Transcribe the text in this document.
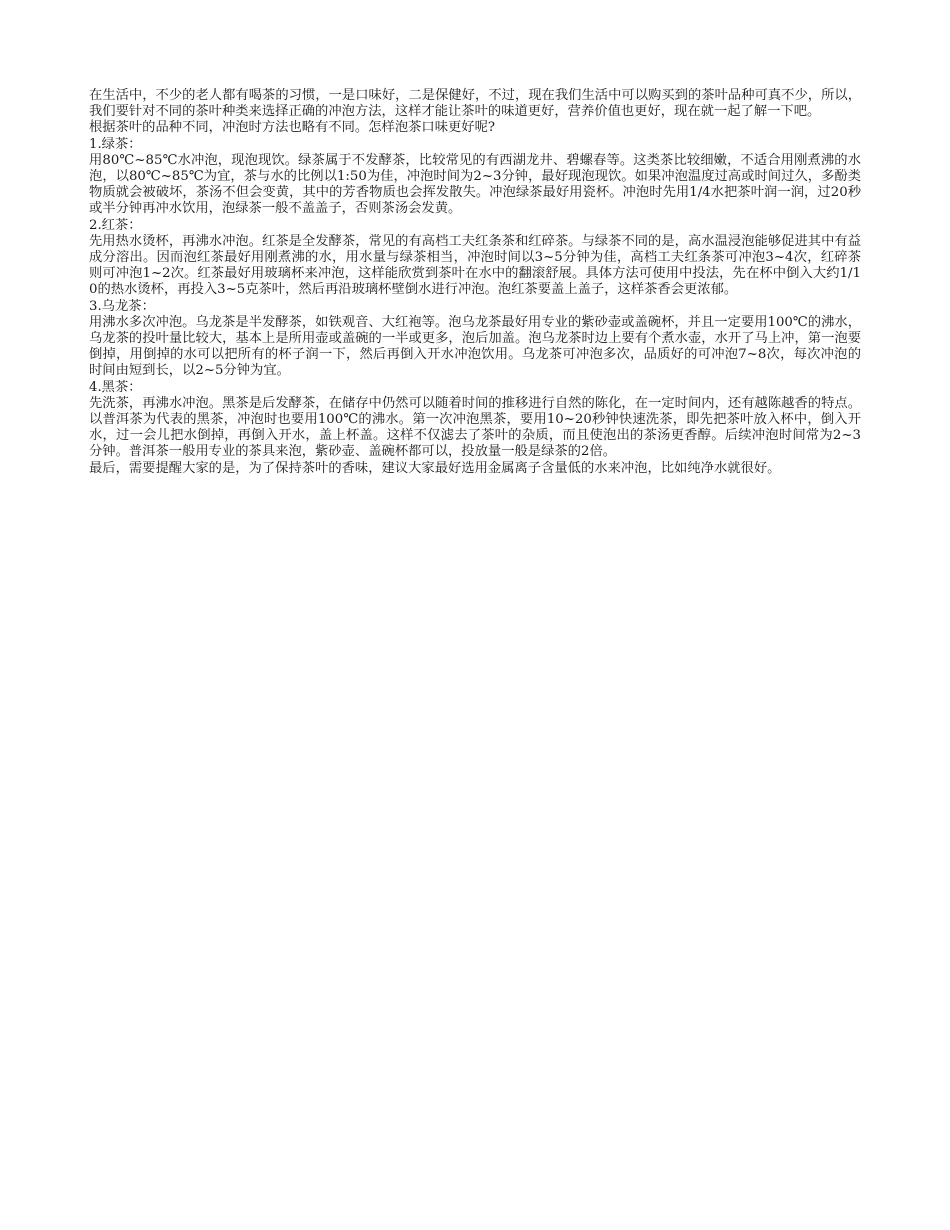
在生活中，不少的老人都有喝茶的习惯，一是口味好，二是保健好，不过，现在我们生活中可以购买到的茶叶品种可真不少，所以，我们要针对不同的茶叶种类来选择正确的冲泡方法，这样才能让茶叶的味道更好，营养价值也更好，现在就一起了解一下吧。

根据茶叶的品种不同，冲泡时方法也略有不同。怎样泡茶口味更好呢?

1.绿茶：

用80℃~85℃水冲泡，现泡现饮。绿茶属于不发酵茶，比较常见的有西湖龙井、碧螺春等。这类茶比较细嫩，不适合用刚煮沸的水泡，以80℃~85℃为宜，茶与水的比例以1:50为佳，冲泡时间为2~3分钟，最好现泡现饮。如果冲泡温度过高或时间过久，多酚类物质就会被破坏，茶汤不但会变黄，其中的芳香物质也会挥发散失。冲泡绿茶最好用瓷杯。冲泡时先用1/4水把茶叶润一润，过20秒或半分钟再冲水饮用，泡绿茶一般不盖盖子，否则茶汤会发黄。

2.红茶：

先用热水烫杯，再沸水冲泡。红茶是全发酵茶，常见的有高档工夫红条茶和红碎茶。与绿茶不同的是，高水温浸泡能够促进其中有益成分溶出。因而泡红茶最好用刚煮沸的水，用水量与绿茶相当，冲泡时间以3~5分钟为佳，高档工夫红条茶可冲泡3~4次，红碎茶则可冲泡1~2次。红茶最好用玻璃杯来冲泡，这样能欣赏到茶叶在水中的翻滚舒展。具体方法可使用中投法，先在杯中倒入大约1/10的热水烫杯，再投入3~5克茶叶，然后再沿玻璃杯壁倒水进行冲泡。泡红茶要盖上盖子，这样茶香会更浓郁。

3.乌龙茶：

用沸水多次冲泡。乌龙茶是半发酵茶，如铁观音、大红袍等。泡乌龙茶最好用专业的紫砂壶或盖碗杯，并且一定要用100℃的沸水，乌龙茶的投叶量比较大，基本上是所用壶或盖碗的一半或更多，泡后加盖。泡乌龙茶时边上要有个煮水壶，水开了马上冲，第一泡要倒掉，用倒掉的水可以把所有的杯子润一下，然后再倒入开水冲泡饮用。乌龙茶可冲泡多次，品质好的可冲泡7~8次，每次冲泡的时间由短到长，以2~5分钟为宜。

4.黑茶：

先洗茶，再沸水冲泡。黑茶是后发酵茶，在储存中仍然可以随着时间的推移进行自然的陈化，在一定时间内，还有越陈越香的特点。以普洱茶为代表的黑茶，冲泡时也要用100℃的沸水。第一次冲泡黑茶，要用10~20秒钟快速洗茶，即先把茶叶放入杯中，倒入开水，过一会儿把水倒掉，再倒入开水，盖上杯盖。这样不仅滤去了茶叶的杂质，而且使泡出的茶汤更香醇。后续冲泡时间常为2~3分钟。普洱茶一般用专业的茶具来泡，紫砂壶、盖碗杯都可以，投放量一般是绿茶的2倍。

最后，需要提醒大家的是，为了保持茶叶的香味，建议大家最好选用金属离子含量低的水来冲泡，比如纯净水就很好。
